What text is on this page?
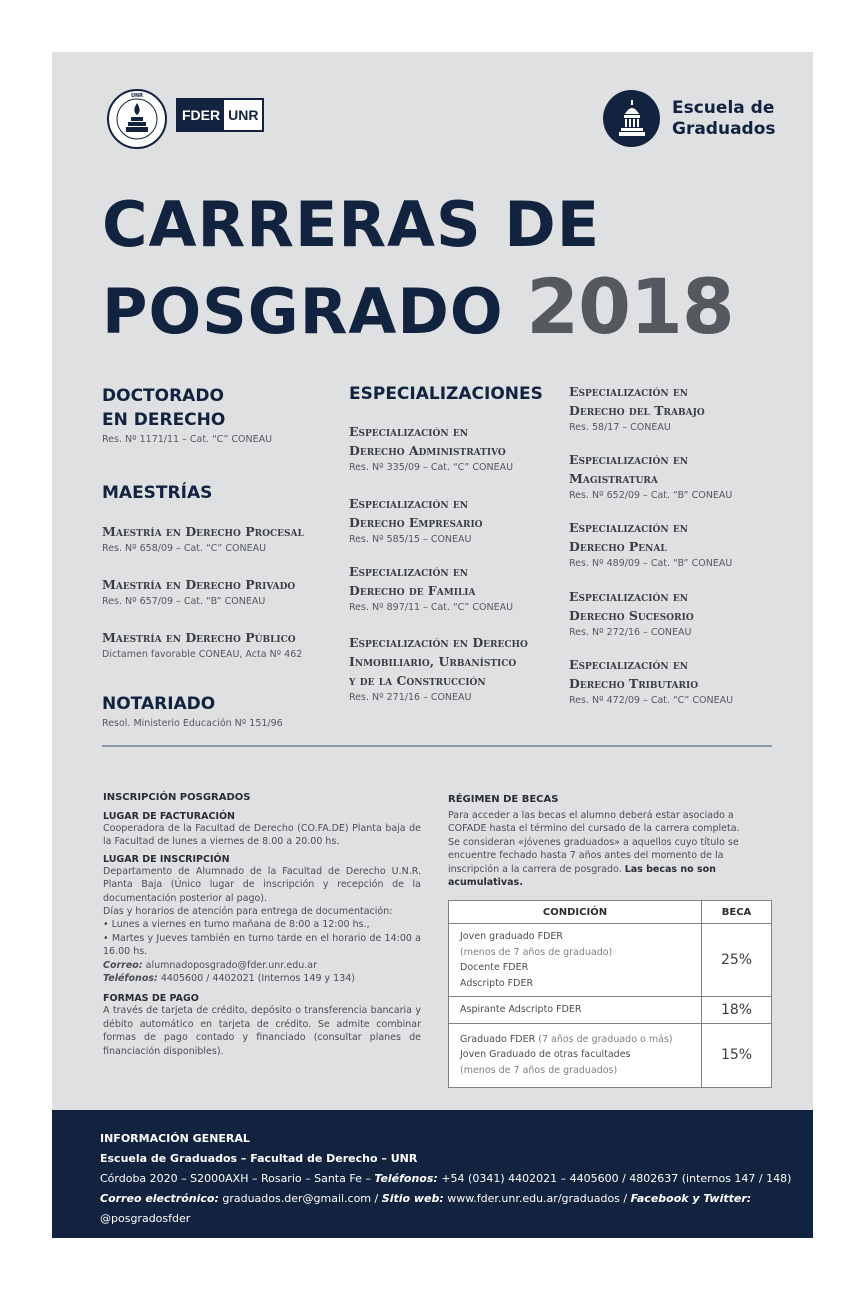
UNR
FDER UNR	Escuela de
Graduados
CARRERAS DE
POSGRADO 2018
DOCTORADO
EN DERECHO
Res. Nº 1171/11 – Cat. “C” CONEAU
MAESTRÍAS
Maestría en Derecho Procesal
Res. Nº 658/09 – Cat. “C” CONEAU
Maestría en Derecho Privado
Res. Nº 657/09 – Cat. “B” CONEAU
Maestría en Derecho Público
Dictamen favorable CONEAU, Acta Nº 462
NOTARIADO
Resol. Ministerio Educación Nº 151/96
ESPECIALIZACIONES
Especialización en
Derecho Administrativo
Res. Nº 335/09 – Cat. “C” CONEAU
Especialización en
Derecho Empresario
Res. Nº 585/15 – CONEAU
Especialización en
Derecho de Familia
Res. Nº 897/11 – Cat. “C” CONEAU
Especialización en Derecho
Inmobiliario, Urbanístico
y de la Construcción
Res. Nº 271/16 – CONEAU
Especialización en
Derecho del Trabajo
Res. 58/17 – CONEAU
Especialización en
Magistratura
Res. Nº 652/09 – Cat. “B” CONEAU
Especialización en
Derecho Penal
Res. Nº 489/09 – Cat. “B” CONEAU
Especialización en
Derecho Sucesorio
Res. Nº 272/16 – CONEAU
Especialización en
Derecho Tributario
Res. Nº 472/09 – Cat. “C” CONEAU
INSCRIPCIÓN POSGRADOS
LUGAR DE FACTURACIÓN
Cooperadora de la Facultad de Derecho (CO.FA.DE) Planta baja de la Facultad de lunes a viernes de 8.00 a 20.00 hs.
LUGAR DE INSCRIPCIÓN
Departamento de Alumnado de la Facultad de Derecho U.N.R. Planta Baja (Único lugar de inscripción y recepción de la documentación posterior al pago).
Días y horarios de atención para entrega de documentación:
• Lunes a viernes en turno mañana de 8:00 a 12:00 hs.,
• Martes y Jueves también en turno tarde en el horario de 14:00 a 16.00 hs.
Correo: alumnadoposgrado@fder.unr.edu.ar
Teléfonos: 4405600 / 4402021 (Internos 149 y 134)
FORMAS DE PAGO
A través de tarjeta de crédito, depósito o transferencia bancaria y débito automático en tarjeta de crédito. Se admite combinar formas de pago contado y financiado (consultar planes de financiación disponibles).
RÉGIMEN DE BECAS
Para acceder a las becas el alumno deberá estar asociado a COFADE hasta el término del cursado de la carrera completa.
Se consideran «jóvenes graduados» a aquellos cuyo título se encuentre fechado hasta 7 años antes del momento de la inscripción a la carrera de posgrado. Las becas no son acumulativas.
CONDICIÓN	BECA

Joven graduado FDER
(menos de 7 años de graduado)
Docente FDER
Adscripto FDER	25%

Aspirante Adscripto FDER	18%

Graduado FDER (7 años de graduado o más)
Joven Graduado de otras facultades
(menos de 7 años de graduados)	15%
INFORMACIÓN GENERAL
Escuela de Graduados – Facultad de Derecho – UNR
Córdoba 2020 – S2000AXH – Rosario – Santa Fe – Teléfonos: +54 (0341) 4402021 – 4405600 / 4802637 (internos 147 / 148)
Correo electrónico: graduados.der@gmail.com / Sitio web: www.fder.unr.edu.ar/graduados / Facebook y Twitter: @posgradosfder
